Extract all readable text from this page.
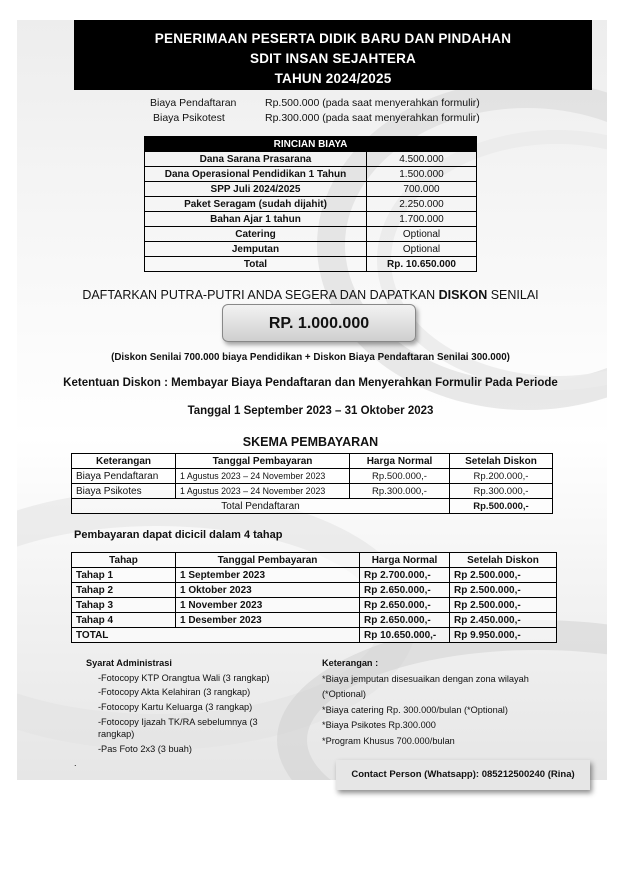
PENERIMAAN PESERTA DIDIK BARU DAN PINDAHAN
SDIT INSAN SEJAHTERA
TAHUN 2024/2025
Biaya Pendaftaran	Rp.500.000 (pada saat menyerahkan formulir)
Biaya Psikotest	Rp.300.000 (pada saat menyerahkan formulir)
RINCIAN BIAYA	
Dana Sarana Prasarana	4.500.000
Dana Operasional Pendidikan 1 Tahun	1.500.000
SPP Juli 2024/2025	700.000
Paket Seragam (sudah dijahit)	2.250.000
Bahan Ajar 1 tahun	1.700.000
Catering	Optional
Jemputan	Optional
Total	Rp. 10.650.000
DAFTARKAN PUTRA-PUTRI ANDA SEGERA DAN DAPATKAN DISKON SENILAI
RP. 1.000.000
(Diskon Senilai 700.000 biaya Pendidikan + Diskon Biaya Pendaftaran Senilai 300.000)
Ketentuan Diskon : Membayar Biaya Pendaftaran dan Menyerahkan Formulir Pada Periode
Tanggal 1 September 2023 – 31 Oktober 2023
SKEMA PEMBAYARAN
Keterangan	Tanggal Pembayaran	Harga Normal	Setelah Diskon
Biaya Pendaftaran	1 Agustus 2023 – 24 November 2023	Rp.500.000,-	Rp.200.000,-
Biaya Psikotes	1 Agustus 2023 – 24 November 2023	Rp.300.000,-	Rp.300.000,-
Total Pendaftaran			Rp.500.000,-
Pembayaran dapat dicicil dalam 4 tahap
Tahap	Tanggal Pembayaran	Harga Normal	Setelah Diskon
Tahap 1	1 September 2023	Rp 2.700.000,-	Rp 2.500.000,-
Tahap 2	1 Oktober 2023	Rp 2.650.000,-	Rp 2.500.000,-
Tahap 3	1 November 2023	Rp 2.650.000,-	Rp 2.500.000,-
Tahap 4	1 Desember 2023	Rp 2.650.000,-	Rp 2.450.000,-
TOTAL		Rp 10.650.000,-	Rp 9.950.000,-
Syarat Administrasi
-Fotocopy KTP Orangtua Wali (3 rangkap)
-Fotocopy Akta Kelahiran (3 rangkap)
-Fotocopy Kartu Keluarga (3 rangkap)
-Fotocopy Ijazah TK/RA sebelumnya (3 rangkap)
-Pas Foto 2x3 (3 buah)
Keterangan :
*Biaya jemputan disesuaikan dengan zona wilayah
(*Optional)
*Biaya catering Rp. 300.000/bulan (*Optional)
*Biaya Psikotes Rp.300.000
*Program Khusus 700.000/bulan
.
Contact Person (Whatsapp): 085212500240 (Rina)
